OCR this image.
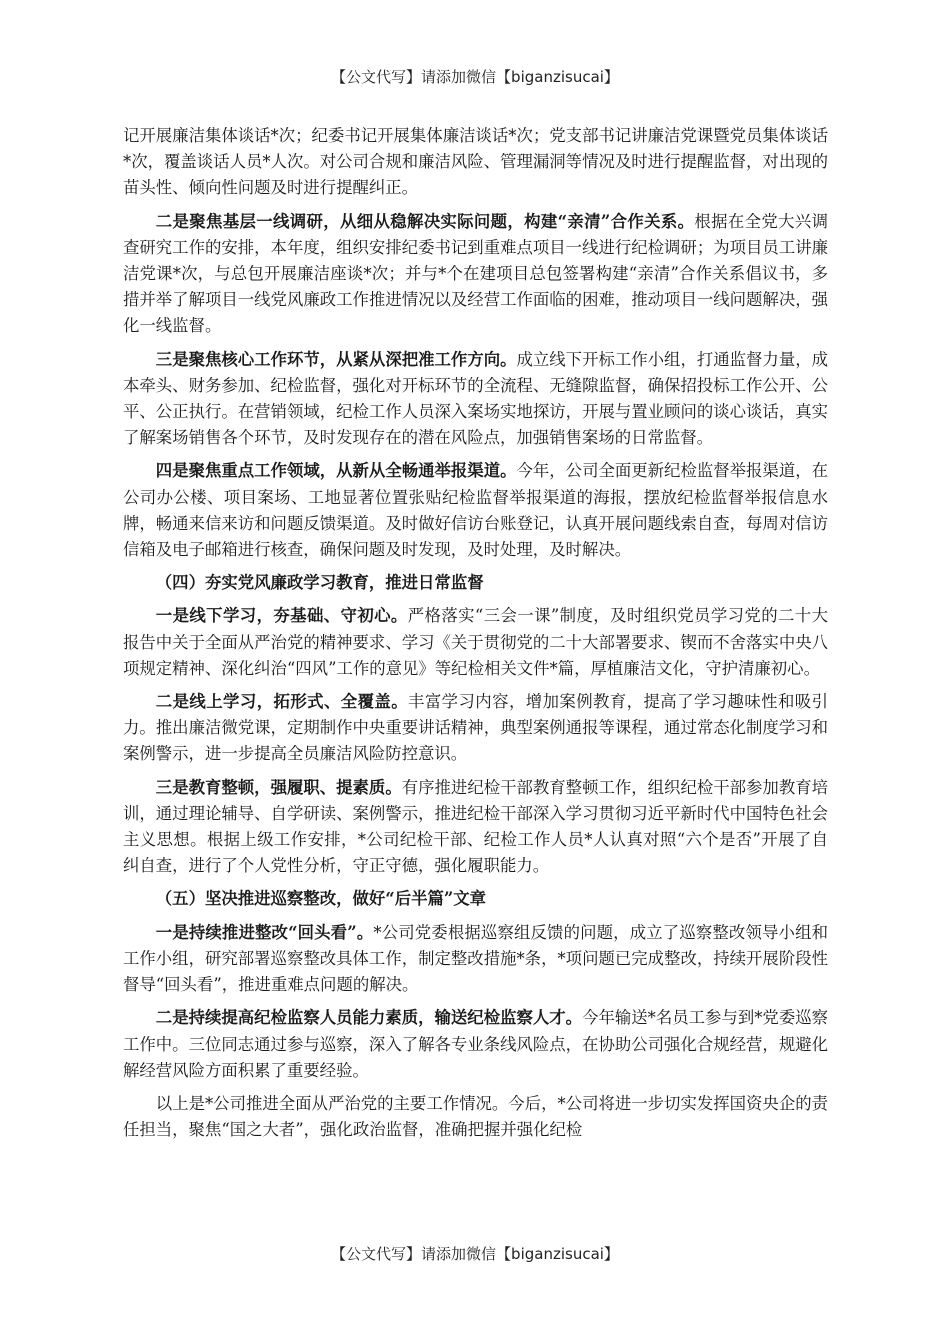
【公文代写】请添加微信【biganzisucai】

记开展廉洁集体谈话*次；纪委书记开展集体廉洁谈话*次；党支部书记讲廉洁党课暨党员集体谈话*次，覆盖谈话人员*人次。对公司合规和廉洁风险、管理漏洞等情况及时进行提醒监督，对出现的苗头性、倾向性问题及时进行提醒纠正。

二是聚焦基层一线调研，从细从稳解决实际问题，构建“亲清”合作关系。根据在全党大兴调查研究工作的安排，本年度，组织安排纪委书记到重难点项目一线进行纪检调研；为项目员工讲廉洁党课*次，与总包开展廉洁座谈*次；并与*个在建项目总包签署构建“亲清”合作关系倡议书，多措并举了解项目一线党风廉政工作推进情况以及经营工作面临的困难，推动项目一线问题解决，强化一线监督。

三是聚焦核心工作环节，从紧从深把准工作方向。成立线下开标工作小组，打通监督力量，成本牵头、财务参加、纪检监督，强化对开标环节的全流程、无缝隙监督，确保招投标工作公开、公平、公正执行。在营销领域，纪检工作人员深入案场实地探访，开展与置业顾问的谈心谈话，真实了解案场销售各个环节，及时发现存在的潜在风险点，加强销售案场的日常监督。

四是聚焦重点工作领域，从新从全畅通举报渠道。今年，公司全面更新纪检监督举报渠道，在公司办公楼、项目案场、工地显著位置张贴纪检监督举报渠道的海报，摆放纪检监督举报信息水牌，畅通来信来访和问题反馈渠道。及时做好信访台账登记，认真开展问题线索自查，每周对信访信箱及电子邮箱进行核查，确保问题及时发现，及时处理，及时解决。

（四）夯实党风廉政学习教育，推进日常监督

一是线下学习，夯基础、守初心。严格落实“三会一课”制度，及时组织党员学习党的二十大报告中关于全面从严治党的精神要求、学习《关于贯彻党的二十大部署要求、锲而不舍落实中央八项规定精神、深化纠治“四风”工作的意见》等纪检相关文件*篇，厚植廉洁文化，守护清廉初心。

二是线上学习，拓形式、全覆盖。丰富学习内容，增加案例教育，提高了学习趣味性和吸引力。推出廉洁微党课，定期制作中央重要讲话精神，典型案例通报等课程，通过常态化制度学习和案例警示，进一步提高全员廉洁风险防控意识。

三是教育整顿，强履职、提素质。有序推进纪检干部教育整顿工作，组织纪检干部参加教育培训，通过理论辅导、自学研读、案例警示，推进纪检干部深入学习贯彻习近平新时代中国特色社会主义思想。根据上级工作安排，*公司纪检干部、纪检工作人员*人认真对照“六个是否”开展了自纠自查，进行了个人党性分析，守正守德，强化履职能力。

（五）坚决推进巡察整改，做好“后半篇”文章

一是持续推进整改“回头看”。*公司党委根据巡察组反馈的问题，成立了巡察整改领导小组和工作小组，研究部署巡察整改具体工作，制定整改措施*条，*项问题已完成整改，持续开展阶段性督导“回头看”，推进重难点问题的解决。

二是持续提高纪检监察人员能力素质，输送纪检监察人才。今年输送*名员工参与到*党委巡察工作中。三位同志通过参与巡察，深入了解各专业条线风险点，在协助公司强化合规经营，规避化解经营风险方面积累了重要经验。

以上是*公司推进全面从严治党的主要工作情况。今后，*公司将进一步切实发挥国资央企的责任担当，聚焦“国之大者”，强化政治监督，准确把握并强化纪检

【公文代写】请添加微信【biganzisucai】
